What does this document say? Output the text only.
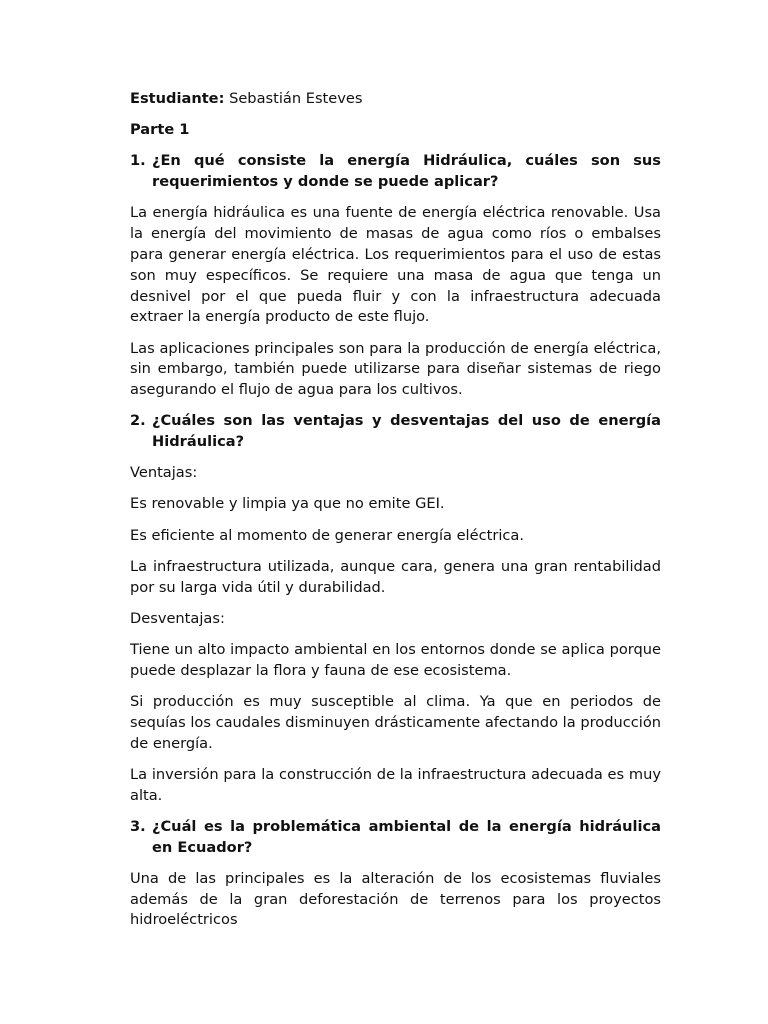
Estudiante: Sebastián Esteves

Parte 1

1. ¿En qué consiste la energía Hidráulica, cuáles son sus requerimientos y donde se puede aplicar?

La energía hidráulica es una fuente de energía eléctrica renovable. Usa la energía del movimiento de masas de agua como ríos o embalses para generar energía eléctrica. Los requerimientos para el uso de estas son muy específicos. Se requiere una masa de agua que tenga un desnivel por el que pueda fluir y con la infraestructura adecuada extraer la energía producto de este flujo.

Las aplicaciones principales son para la producción de energía eléctrica, sin embargo, también puede utilizarse para diseñar sistemas de riego asegurando el flujo de agua para los cultivos.

2. ¿Cuáles son las ventajas y desventajas del uso de energía Hidráulica?

Ventajas:

Es renovable y limpia ya que no emite GEI.

Es eficiente al momento de generar energía eléctrica.

La infraestructura utilizada, aunque cara, genera una gran rentabilidad por su larga vida útil y durabilidad.

Desventajas:

Tiene un alto impacto ambiental en los entornos donde se aplica porque puede desplazar la flora y fauna de ese ecosistema.

Si producción es muy susceptible al clima. Ya que en periodos de sequías los caudales disminuyen drásticamente afectando la producción de energía.

La inversión para la construcción de la infraestructura adecuada es muy alta.

3. ¿Cuál es la problemática ambiental de la energía hidráulica en Ecuador?

Una de las principales es la alteración de los ecosistemas fluviales además de la gran deforestación de terrenos para los proyectos hidroeléctricos
